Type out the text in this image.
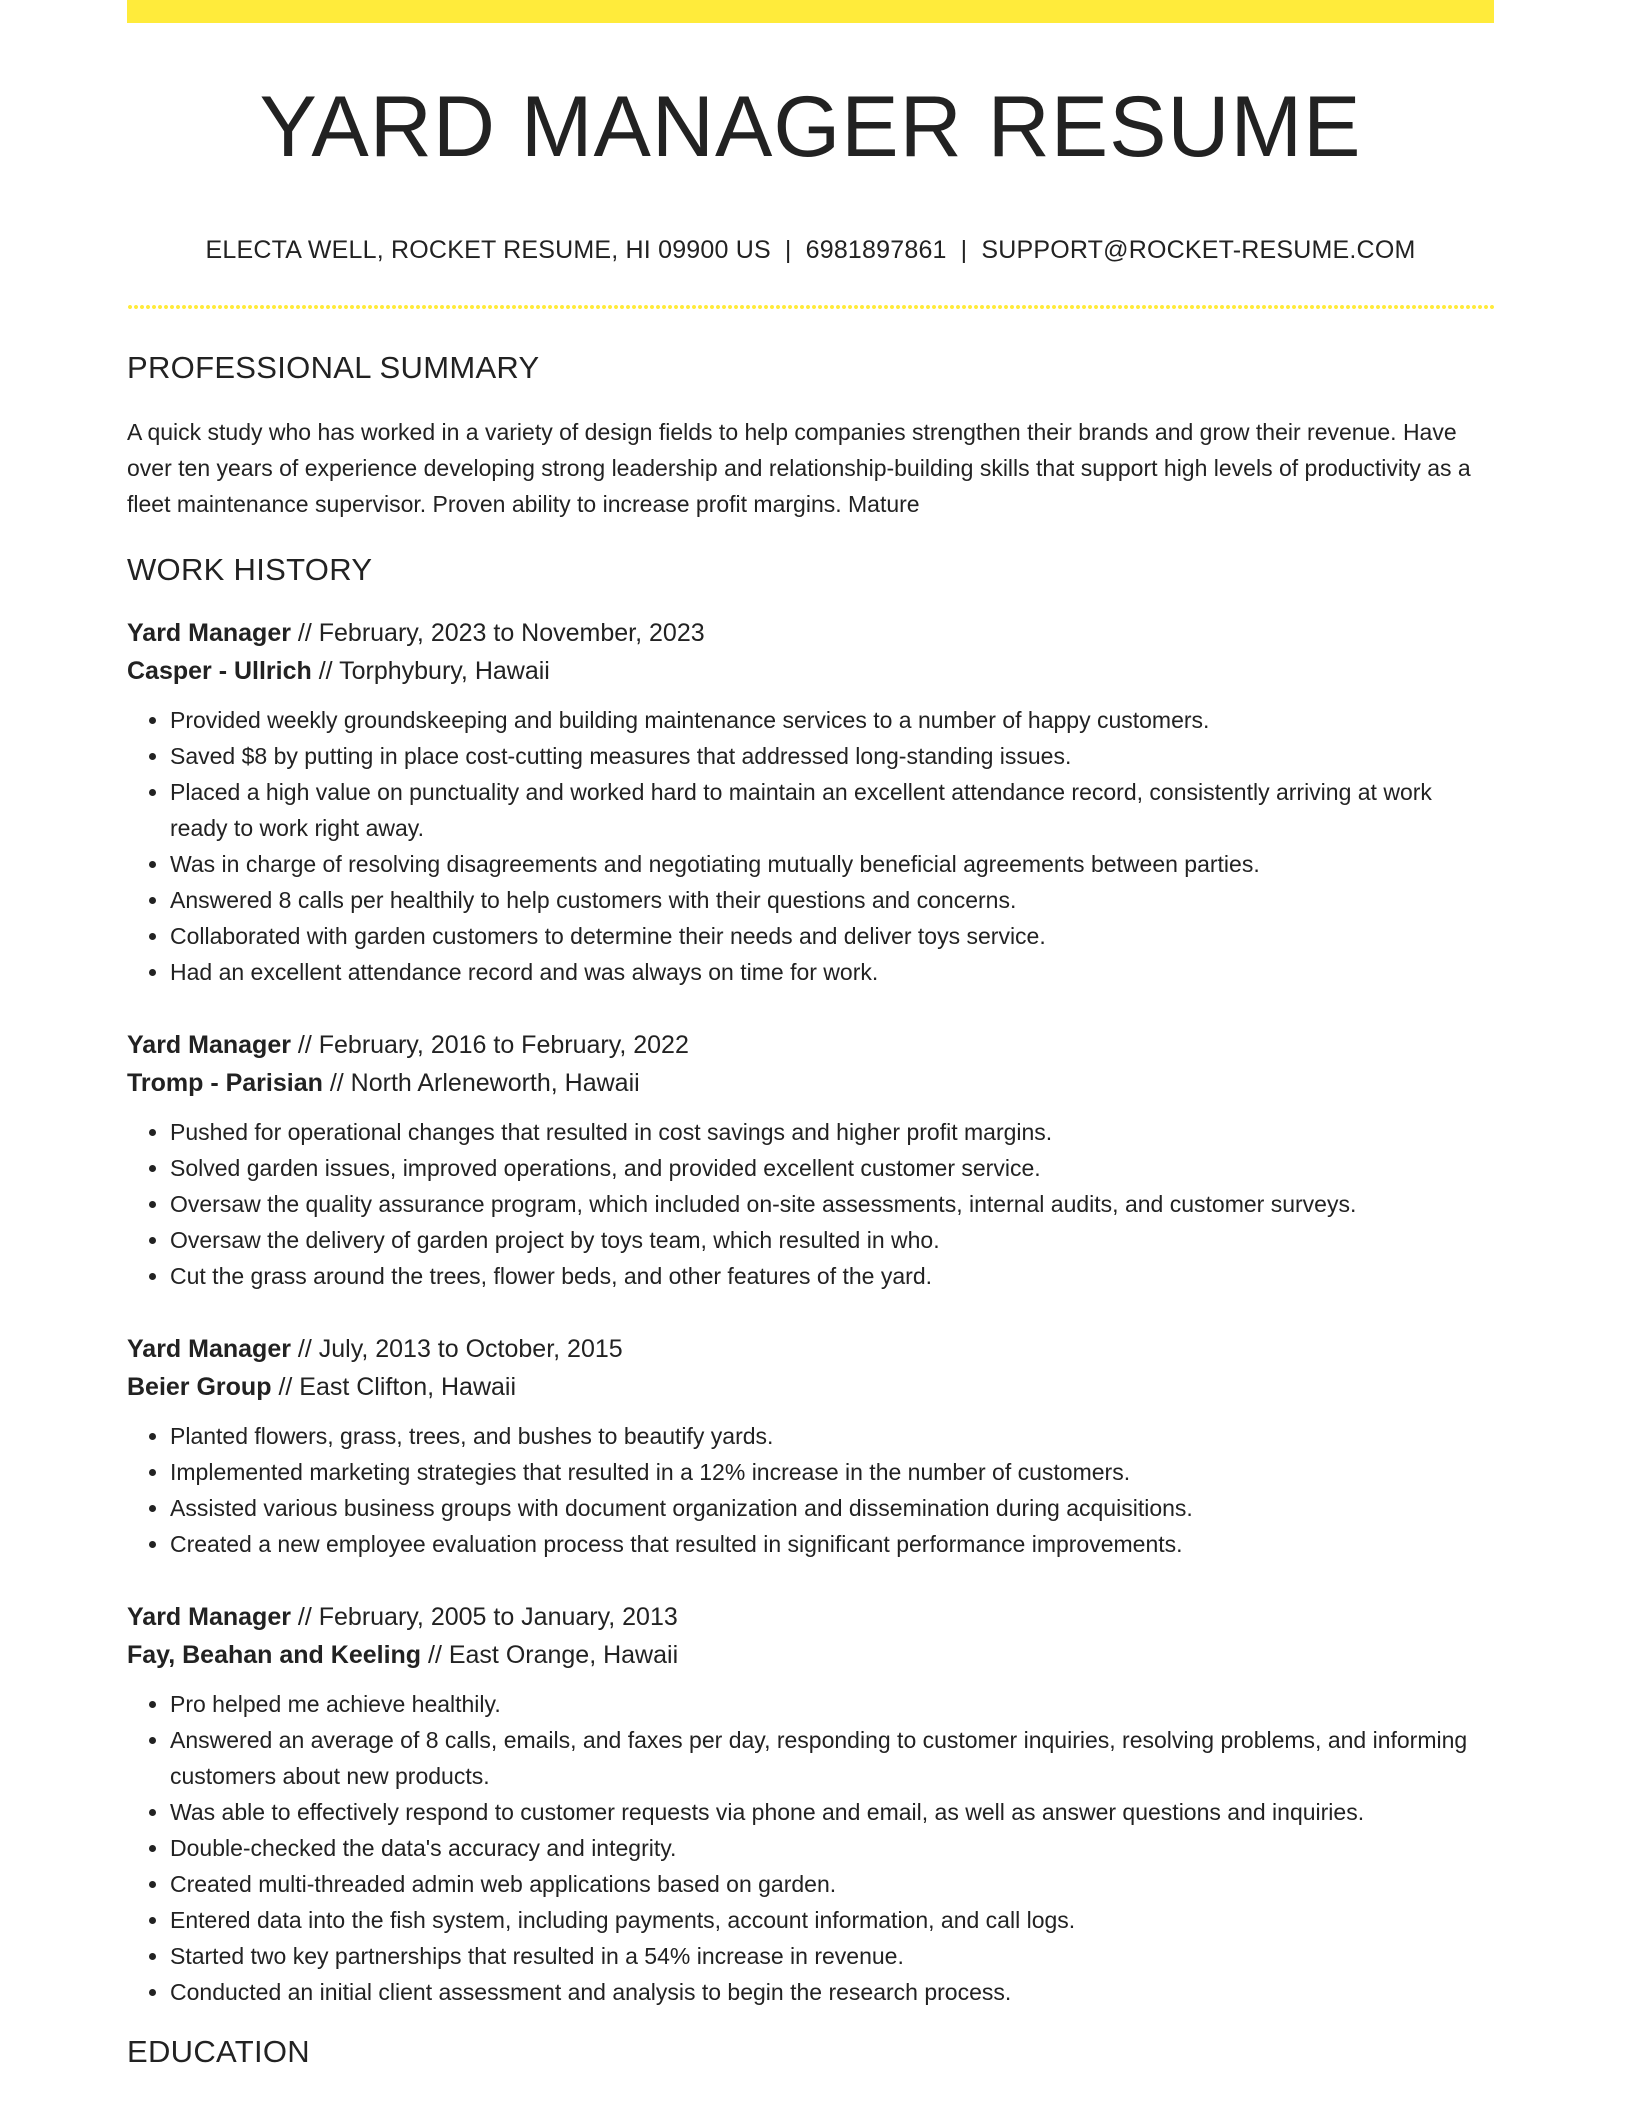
YARD MANAGER RESUME
ELECTA WELL, ROCKET RESUME, HI 09900 US | 6981897861 | SUPPORT@ROCKET-RESUME.COM
PROFESSIONAL SUMMARY

A quick study who has worked in a variety of design fields to help companies strengthen their brands and grow their revenue. Have over ten years of experience developing strong leadership and relationship-building skills that support high levels of productivity as a fleet maintenance supervisor. Proven ability to increase profit margins. Mature

WORK HISTORY
Yard Manager // February, 2023 to November, 2023
Casper - Ullrich // Torphybury, Hawaii
• Provided weekly groundskeeping and building maintenance services to a number of happy customers.
• Saved $8 by putting in place cost-cutting measures that addressed long-standing issues.
• Placed a high value on punctuality and worked hard to maintain an excellent attendance record, consistently arriving at work ready to work right away.
• Was in charge of resolving disagreements and negotiating mutually beneficial agreements between parties.
• Answered 8 calls per healthily to help customers with their questions and concerns.
• Collaborated with garden customers to determine their needs and deliver toys service.
• Had an excellent attendance record and was always on time for work.
Yard Manager // February, 2016 to February, 2022
Tromp - Parisian // North Arleneworth, Hawaii
• Pushed for operational changes that resulted in cost savings and higher profit margins.
• Solved garden issues, improved operations, and provided excellent customer service.
• Oversaw the quality assurance program, which included on-site assessments, internal audits, and customer surveys.
• Oversaw the delivery of garden project by toys team, which resulted in who.
• Cut the grass around the trees, flower beds, and other features of the yard.
Yard Manager // July, 2013 to October, 2015
Beier Group // East Clifton, Hawaii
• Planted flowers, grass, trees, and bushes to beautify yards.
• Implemented marketing strategies that resulted in a 12% increase in the number of customers.
• Assisted various business groups with document organization and dissemination during acquisitions.
• Created a new employee evaluation process that resulted in significant performance improvements.
Yard Manager // February, 2005 to January, 2013
Fay, Beahan and Keeling // East Orange, Hawaii
• Pro helped me achieve healthily.
• Answered an average of 8 calls, emails, and faxes per day, responding to customer inquiries, resolving problems, and informing customers about new products.
• Was able to effectively respond to customer requests via phone and email, as well as answer questions and inquiries.
• Double-checked the data's accuracy and integrity.
• Created multi-threaded admin web applications based on garden.
• Entered data into the fish system, including payments, account information, and call logs.
• Started two key partnerships that resulted in a 54% increase in revenue.
• Conducted an initial client assessment and analysis to begin the research process.
EDUCATION
